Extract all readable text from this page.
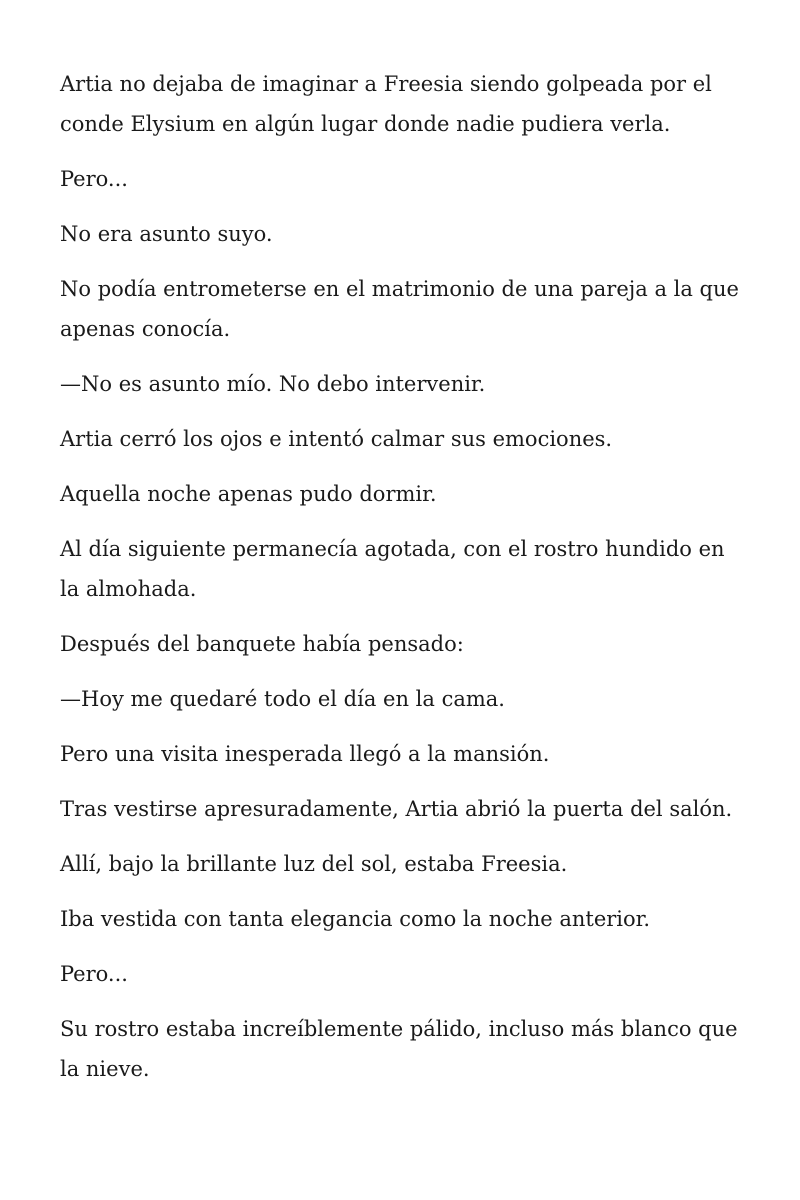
Artia no dejaba de imaginar a Freesia siendo golpeada por el conde Elysium en algún lugar donde nadie pudiera verla.

Pero...

No era asunto suyo.

No podía entrometerse en el matrimonio de una pareja a la que apenas conocía.

—No es asunto mío. No debo intervenir.

Artia cerró los ojos e intentó calmar sus emociones.

Aquella noche apenas pudo dormir.

Al día siguiente permanecía agotada, con el rostro hundido en la almohada.

Después del banquete había pensado:

—Hoy me quedaré todo el día en la cama.

Pero una visita inesperada llegó a la mansión.

Tras vestirse apresuradamente, Artia abrió la puerta del salón.

Allí, bajo la brillante luz del sol, estaba Freesia.

Iba vestida con tanta elegancia como la noche anterior.

Pero...

Su rostro estaba increíblemente pálido, incluso más blanco que la nieve.
